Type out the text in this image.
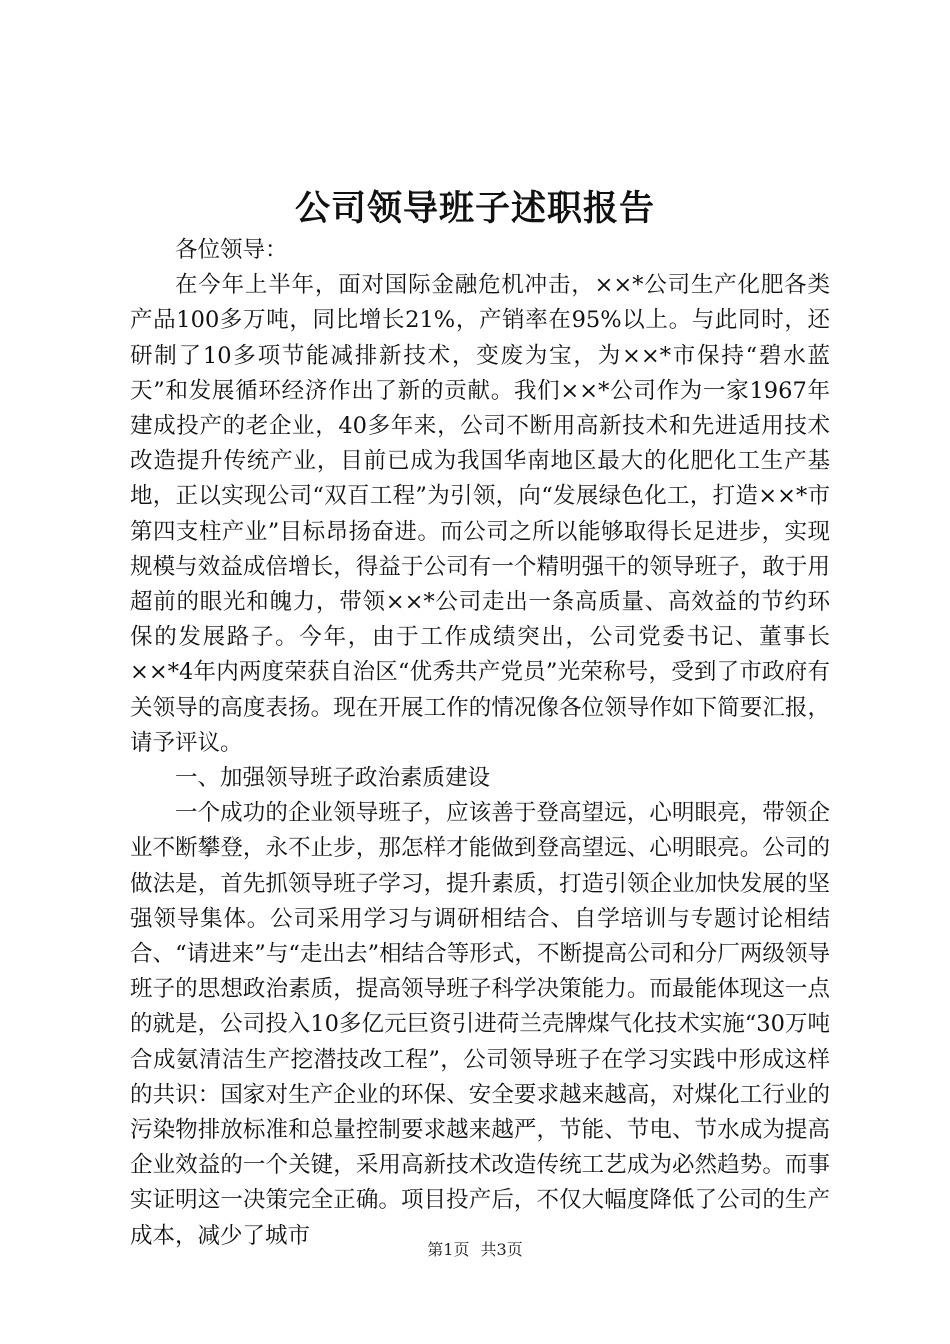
公司领导班子述职报告

各位领导：

在今年上半年，面对国际金融危机冲击，××*公司生产化肥各类产品100多万吨，同比增长21%，产销率在95%以上。与此同时，还研制了10多项节能减排新技术，变废为宝，为××*市保持“碧水蓝天”和发展循环经济作出了新的贡献。我们××*公司作为一家1967年建成投产的老企业，40多年来，公司不断用高新技术和先进适用技术改造提升传统产业，目前已成为我国华南地区最大的化肥化工生产基地，正以实现公司“双百工程”为引领，向“发展绿色化工，打造××*市第四支柱产业”目标昂扬奋进。而公司之所以能够取得长足进步，实现规模与效益成倍增长，得益于公司有一个精明强干的领导班子，敢于用超前的眼光和魄力，带领××*公司走出一条高质量、高效益的节约环保的发展路子。今年，由于工作成绩突出，公司党委书记、董事长××*4年内两度荣获自治区“优秀共产党员”光荣称号，受到了市政府有关领导的高度表扬。现在开展工作的情况像各位领导作如下简要汇报，请予评议。

一、加强领导班子政治素质建设

一个成功的企业领导班子，应该善于登高望远，心明眼亮，带领企业不断攀登，永不止步，那怎样才能做到登高望远、心明眼亮。公司的做法是，首先抓领导班子学习，提升素质，打造引领企业加快发展的坚强领导集体。公司采用学习与调研相结合、自学培训与专题讨论相结合、“请进来”与“走出去”相结合等形式，不断提高公司和分厂两级领导班子的思想政治素质，提高领导班子科学决策能力。而最能体现这一点的就是，公司投入10多亿元巨资引进荷兰壳牌煤气化技术实施“30万吨合成氨清洁生产挖潜技改工程”，公司领导班子在学习实践中形成这样的共识：国家对生产企业的环保、安全要求越来越高，对煤化工行业的污染物排放标准和总量控制要求越来越严，节能、节电、节水成为提高企业效益的一个关键，采用高新技术改造传统工艺成为必然趋势。而事实证明这一决策完全正确。项目投产后，不仅大幅度降低了公司的生产成本，减少了城市

第1页 共3页
